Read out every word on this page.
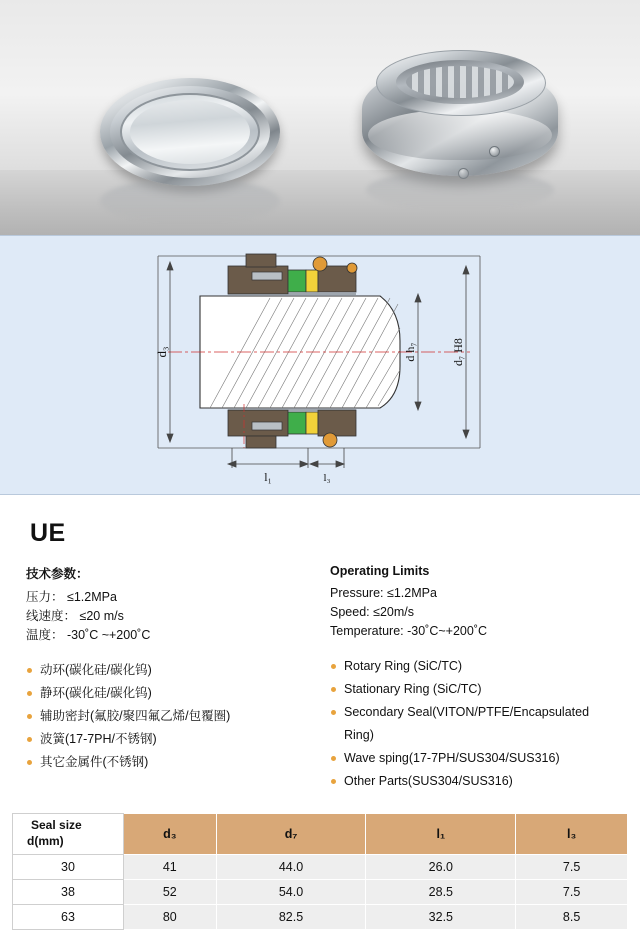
d₃	d h₇	d₇ H8
l₁	l₃
UE
技术参数：
压力： ≤1.2MPa
线速度： ≤20 m/s
温度： -30˚C ~+200˚C
动环(碳化硅/碳化钨)
静环(碳化硅/碳化钨)
辅助密封(氟胶/聚四氟乙烯/包覆圈)
波簧(17-7PH/不锈钢)
其它金属件(不锈钢)
Operating Limits
Pressure: ≤1.2MPa
Speed: ≤20m/s
Temperature: -30˚C~+200˚C
Rotary Ring (SiC/TC)
Stationary Ring (SiC/TC)
Secondary Seal(VITON/PTFE/Encapsulated Ring)
Wave sping(17-7PH/SUS304/SUS316)
Other Parts(SUS304/SUS316)
Seal size
d(mm)	d₃	d₇	l₁	l₃
30	41	44.0	26.0	7.5
38	52	54.0	28.5	7.5
63	80	82.5	32.5	8.5
